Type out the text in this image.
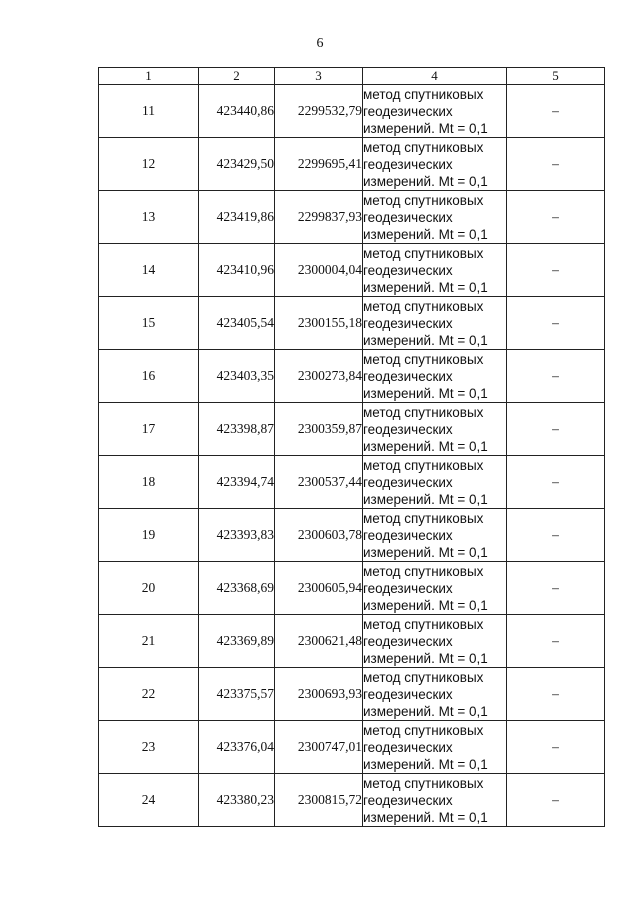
6
1	2	3	4	5
11	423440,86	2299532,79	метод спутниковых
геодезических
измерений. Mt = 0,1	–
12	423429,50	2299695,41	метод спутниковых
геодезических
измерений. Mt = 0,1	–
13	423419,86	2299837,93	метод спутниковых
геодезических
измерений. Mt = 0,1	–
14	423410,96	2300004,04	метод спутниковых
геодезических
измерений. Mt = 0,1	–
15	423405,54	2300155,18	метод спутниковых
геодезических
измерений. Mt = 0,1	–
16	423403,35	2300273,84	метод спутниковых
геодезических
измерений. Mt = 0,1	–
17	423398,87	2300359,87	метод спутниковых
геодезических
измерений. Mt = 0,1	–
18	423394,74	2300537,44	метод спутниковых
геодезических
измерений. Mt = 0,1	–
19	423393,83	2300603,78	метод спутниковых
геодезических
измерений. Mt = 0,1	–
20	423368,69	2300605,94	метод спутниковых
геодезических
измерений. Mt = 0,1	–
21	423369,89	2300621,48	метод спутниковых
геодезических
измерений. Mt = 0,1	–
22	423375,57	2300693,93	метод спутниковых
геодезических
измерений. Mt = 0,1	–
23	423376,04	2300747,01	метод спутниковых
геодезических
измерений. Mt = 0,1	–
24	423380,23	2300815,72	метод спутниковых
геодезических
измерений. Mt = 0,1	–
